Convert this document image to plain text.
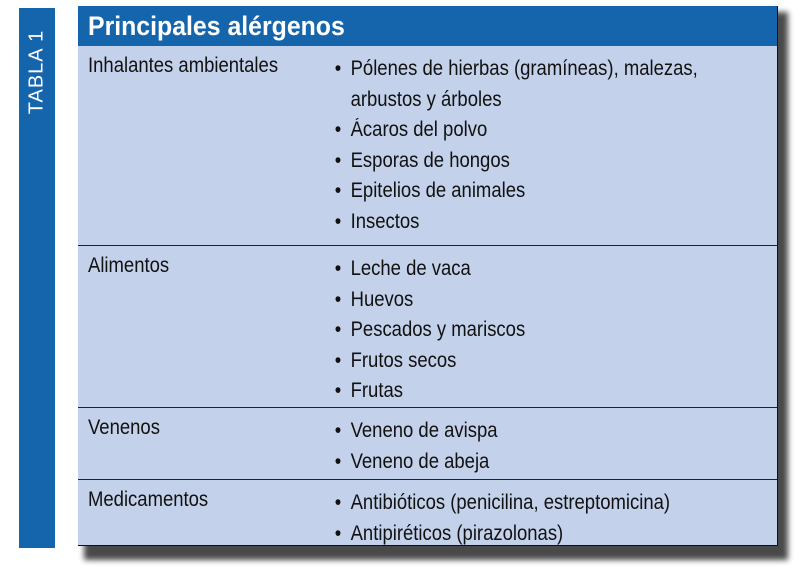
TABLA 1
Principales alérgenos
Inhalantes ambientales	• Pólenes de hierbas (gramíneas), malezas,
arbustos y árboles
• Ácaros del polvo
• Esporas de hongos
• Epitelios de animales
• Insectos
Alimentos	• Leche de vaca
• Huevos
• Pescados y mariscos
• Frutos secos
• Frutas
Venenos	• Veneno de avispa
• Veneno de abeja
Medicamentos	• Antibióticos (penicilina, estreptomicina)
• Antipiréticos (pirazolonas)
